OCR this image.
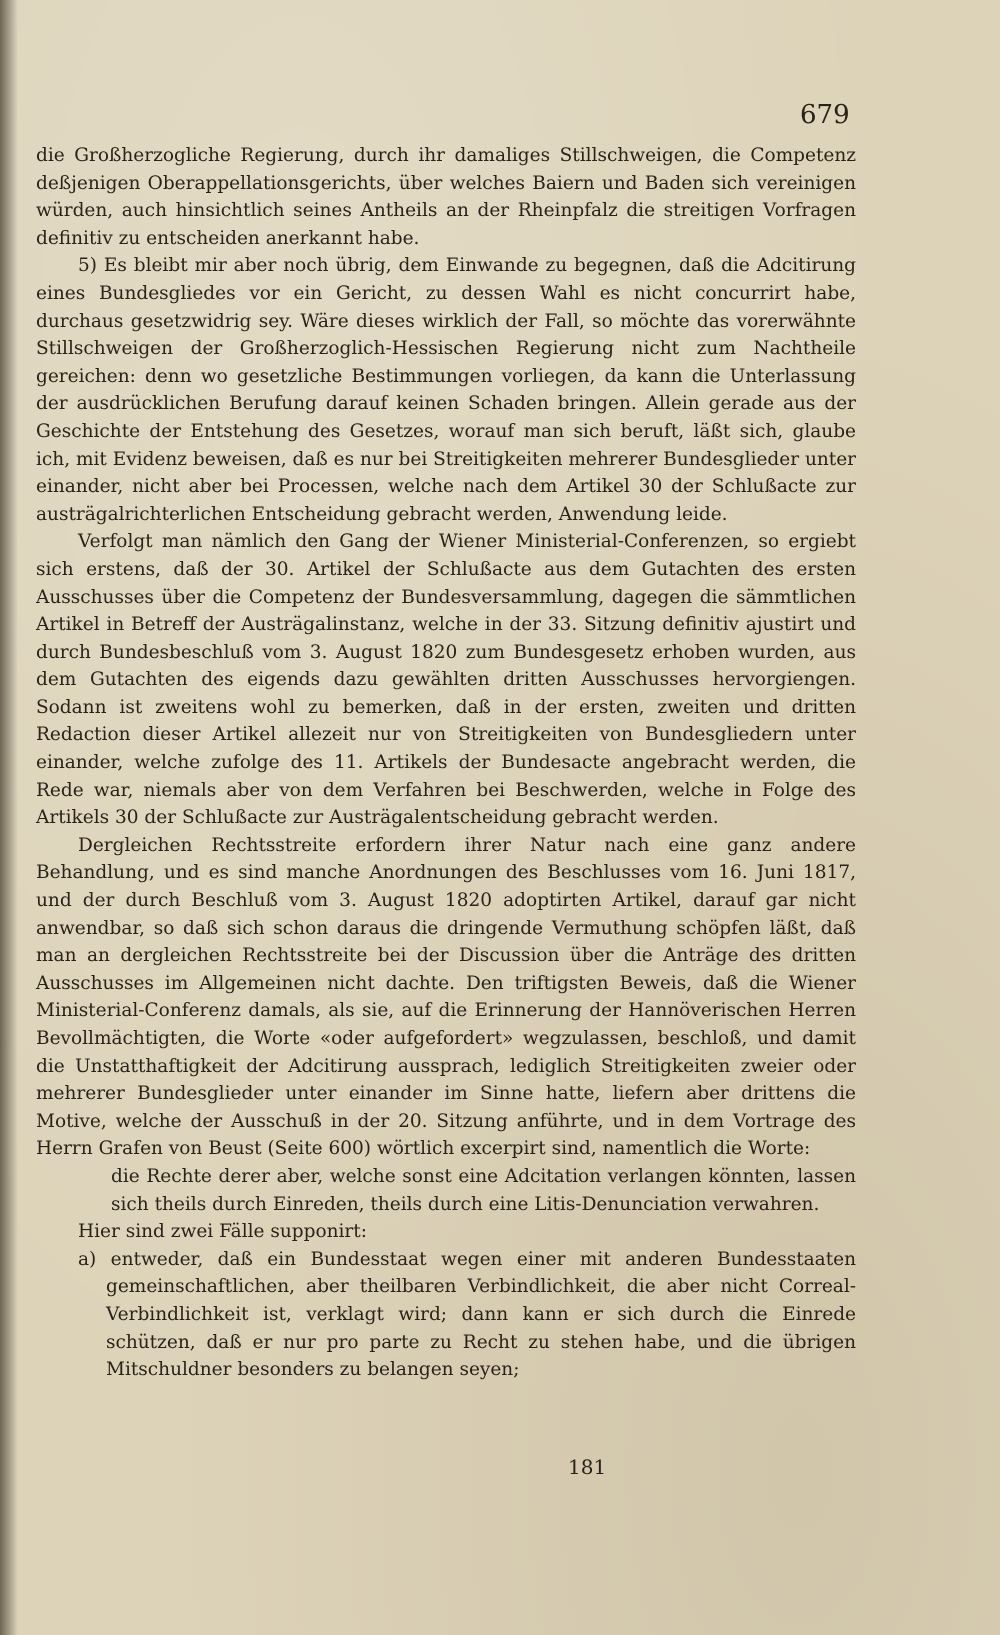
679

die Großherzogliche Regierung, durch ihr damaliges Stillschweigen, die Competenz deßjenigen Oberappellationsgerichts, über welches Baiern und Baden sich vereinigen würden, auch hinsichtlich seines Antheils an der Rheinpfalz die streitigen Vorfragen definitiv zu entscheiden anerkannt habe.

5) Es bleibt mir aber noch übrig, dem Einwande zu begegnen, daß die Adcitirung eines Bundesgliedes vor ein Gericht, zu dessen Wahl es nicht concurrirt habe, durchaus gesetzwidrig sey. Wäre dieses wirklich der Fall, so möchte das vorerwähnte Stillschweigen der Großherzoglich-Hessischen Regierung nicht zum Nachtheile gereichen: denn wo gesetzliche Bestimmungen vorliegen, da kann die Unterlassung der ausdrücklichen Berufung darauf keinen Schaden bringen. Allein gerade aus der Geschichte der Entstehung des Gesetzes, worauf man sich beruft, läßt sich, glaube ich, mit Evidenz beweisen, daß es nur bei Streitigkeiten mehrerer Bundesglieder unter einander, nicht aber bei Processen, welche nach dem Artikel 30 der Schlußacte zur austrägalrichterlichen Entscheidung gebracht werden, Anwendung leide.

Verfolgt man nämlich den Gang der Wiener Ministerial-Conferenzen, so ergiebt sich erstens, daß der 30. Artikel der Schlußacte aus dem Gutachten des ersten Ausschusses über die Competenz der Bundesversammlung, dagegen die sämmtlichen Artikel in Betreff der Austrägalinstanz, welche in der 33. Sitzung definitiv ajustirt und durch Bundesbeschluß vom 3. August 1820 zum Bundesgesetz erhoben wurden, aus dem Gutachten des eigends dazu gewählten dritten Ausschusses hervorgiengen. Sodann ist zweitens wohl zu bemerken, daß in der ersten, zweiten und dritten Redaction dieser Artikel allezeit nur von Streitigkeiten von Bundesgliedern unter einander, welche zufolge des 11. Artikels der Bundesacte angebracht werden, die Rede war, niemals aber von dem Verfahren bei Beschwerden, welche in Folge des Artikels 30 der Schlußacte zur Austrägalentscheidung gebracht werden.

Dergleichen Rechtsstreite erfordern ihrer Natur nach eine ganz andere Behandlung, und es sind manche Anordnungen des Beschlusses vom 16. Juni 1817, und der durch Beschluß vom 3. August 1820 adoptirten Artikel, darauf gar nicht anwendbar, so daß sich schon daraus die dringende Vermuthung schöpfen läßt, daß man an dergleichen Rechtsstreite bei der Discussion über die Anträge des dritten Ausschusses im Allgemeinen nicht dachte. Den triftigsten Beweis, daß die Wiener Ministerial-Conferenz damals, als sie, auf die Erinnerung der Hannöverischen Herren Bevollmächtigten, die Worte «oder aufgefordert» wegzulassen, beschloß, und damit die Unstatthaftigkeit der Adcitirung aussprach, lediglich Streitigkeiten zweier oder mehrerer Bundesglieder unter einander im Sinne hatte, liefern aber drittens die Motive, welche der Ausschuß in der 20. Sitzung anführte, und in dem Vortrage des Herrn Grafen von Beust (Seite 600) wörtlich excerpirt sind, namentlich die Worte:

die Rechte derer aber, welche sonst eine Adcitation verlangen könnten, lassen sich theils durch Einreden, theils durch eine Litis-Denunciation verwahren.

Hier sind zwei Fälle supponirt:

a) entweder, daß ein Bundesstaat wegen einer mit anderen Bundesstaaten gemeinschaftlichen, aber theilbaren Verbindlichkeit, die aber nicht Correal-Verbindlichkeit ist, verklagt wird; dann kann er sich durch die Einrede schützen, daß er nur pro parte zu Recht zu stehen habe, und die übrigen Mitschuldner besonders zu belangen seyen;

181
